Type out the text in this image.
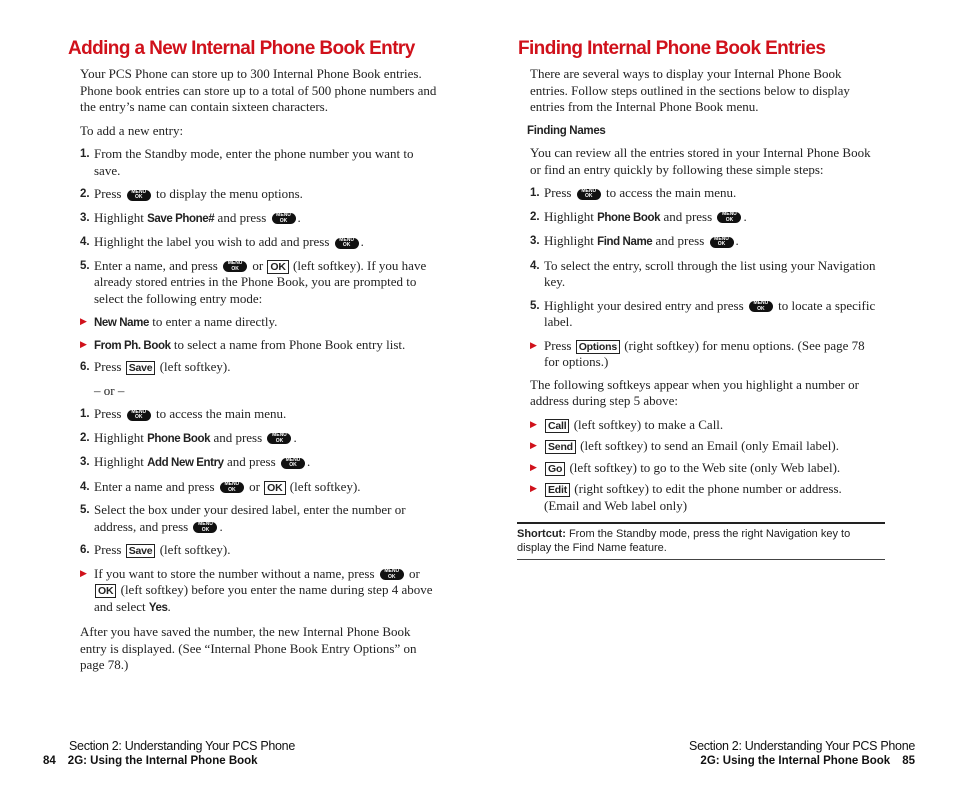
Adding a New Internal Phone Book Entry

Your PCS Phone can store up to 300 Internal Phone Book entries. Phone book entries can store up to a total of 500 phone numbers and the entry’s name can contain sixteen characters.

To add a new entry:

1. From the Standby mode, enter the phone number you want to save.
2. Press MENU
OK to display the menu options.
3. Highlight Save Phone# and press MENU
OK .
4. Highlight the label you wish to add and press MENU
OK .
5. Enter a name, and press MENU
OK or OK (left softkey). If you have already stored entries in the Phone Book, you are prompted to select the following entry mode:
▶ New Name to enter a name directly.
▶ From Ph. Book to select a name from Phone Book entry list.
6. Press Save (left softkey).

– or –

1. Press MENU
OK to access the main menu.
2. Highlight Phone Book and press MENU
OK .
3. Highlight Add New Entry and press MENU
OK .
4. Enter a name and press MENU
OK or OK (left softkey).
5. Select the box under your desired label, enter the number or address, and press MENU
OK .
6. Press Save (left softkey).
▶ If you want to store the number without a name, press MENU
OK or OK (left softkey) before you enter the name during step 4 above and select Yes.

After you have saved the number, the new Internal Phone Book entry is displayed. (See “Internal Phone Book Entry Options” on page 78.)

Section 2: Understanding Your PCS Phone
84 2G: Using the Internal Phone Book
Finding Internal Phone Book Entries

There are several ways to display your Internal Phone Book entries. Follow steps outlined in the sections below to display entries from the Internal Phone Book menu.

Finding Names

You can review all the entries stored in your Internal Phone Book or find an entry quickly by following these simple steps:

1. Press MENU
OK to access the main menu.
2. Highlight Phone Book and press MENU
OK .
3. Highlight Find Name and press MENU
OK .
4. To select the entry, scroll through the list using your Navigation key.
5. Highlight your desired entry and press MENU
OK to locate a specific label.
▶ Press Options (right softkey) for menu options. (See page 78 for options.)

The following softkeys appear when you highlight a number or address during step 5 above:

▶ Call (left softkey) to make a Call.
▶ Send (left softkey) to send an Email (only Email label).
▶ Go (left softkey) to go to the Web site (only Web label).
▶ Edit (right softkey) to edit the phone number or address. (Email and Web label only)
Shortcut: From the Standby mode, press the right Navigation key to display the Find Name feature.
Section 2: Understanding Your PCS Phone
2G: Using the Internal Phone Book 85
